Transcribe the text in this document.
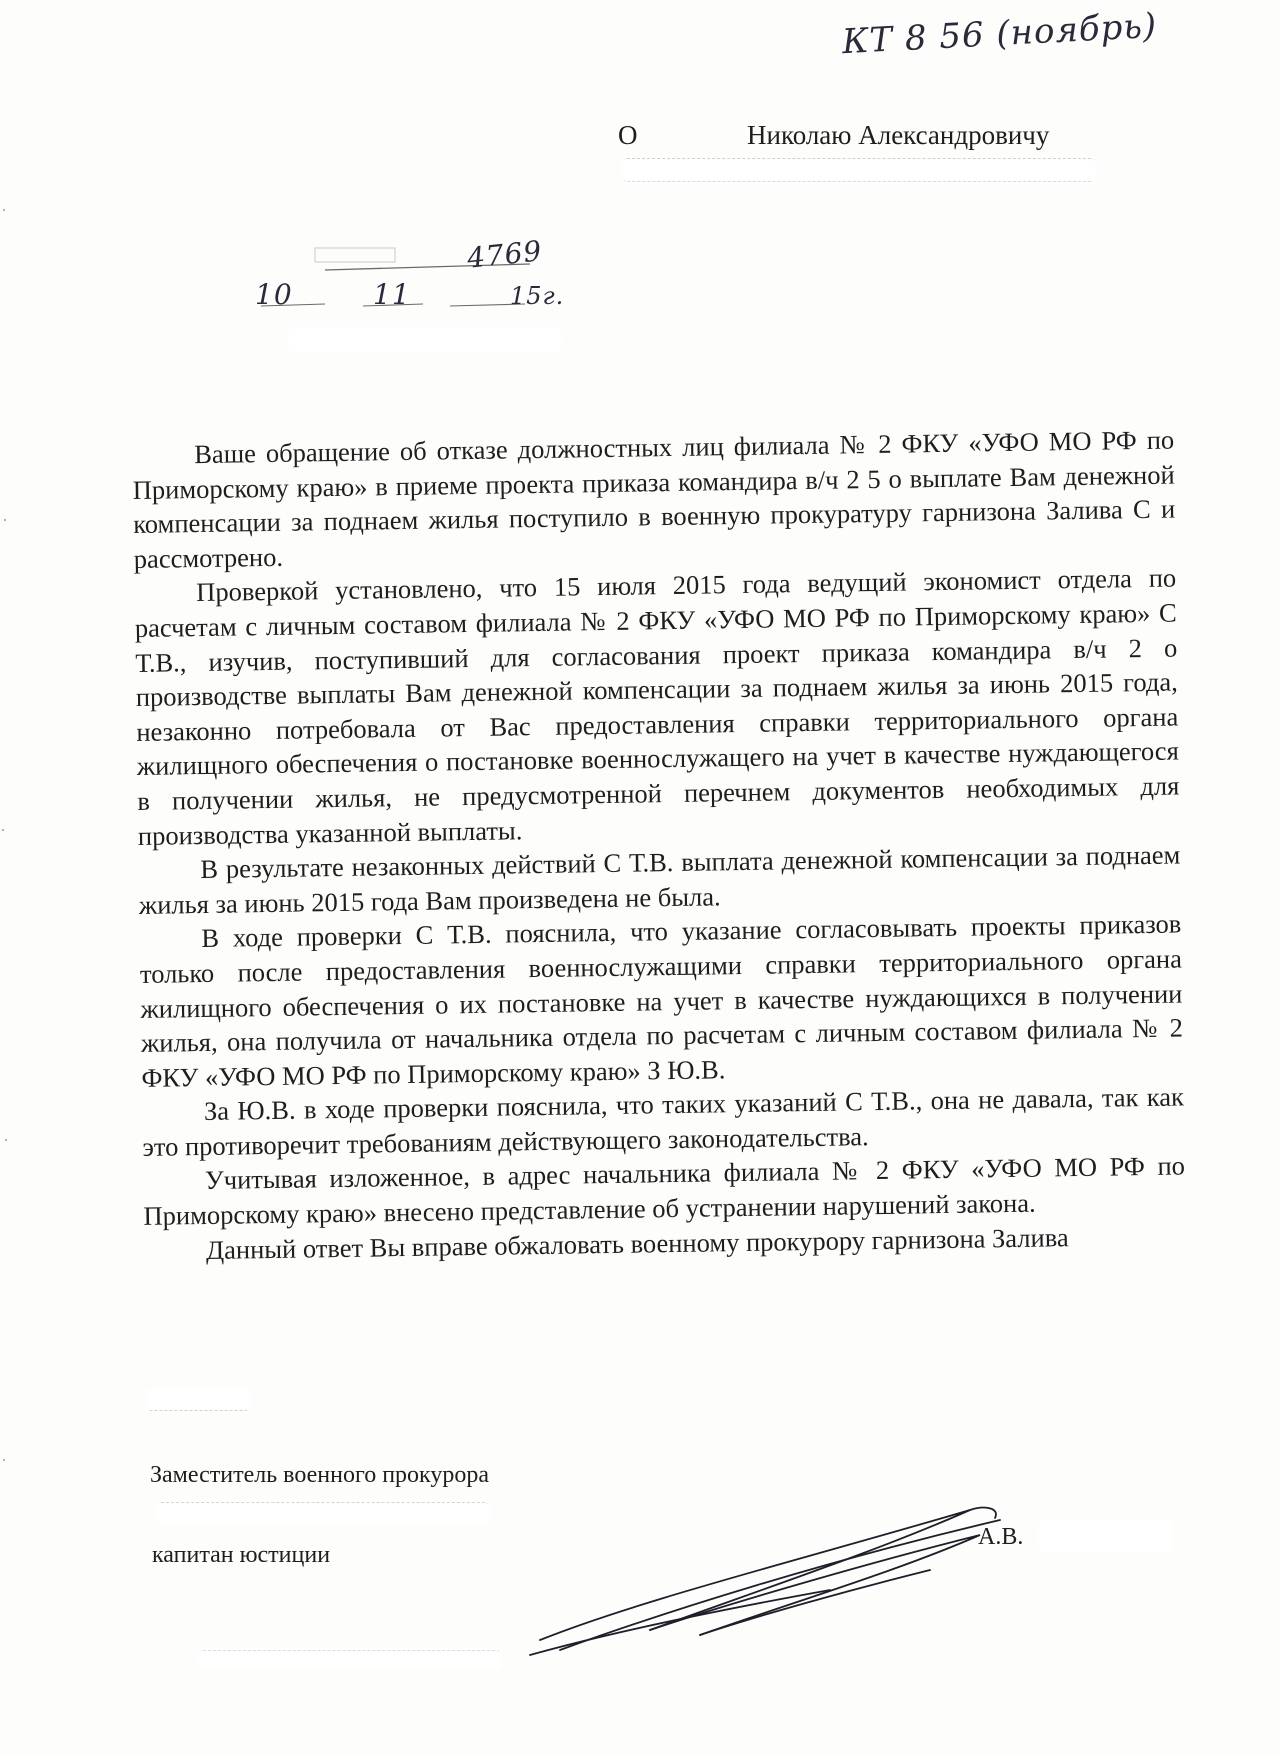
КТ 8 56 (ноябрь)
О	Николаю Александровичу
4769
10	11	15г.

Ваше обращение об отказе должностных лиц филиала № 2 ФКУ «УФО МО РФ по Приморскому краю» в приеме проекта приказа командира в/ч 2 5 о выплате Вам денежной компенсации за поднаем жилья поступило в военную прокуратуру гарнизона Залива С и рассмотрено.

Проверкой установлено, что 15 июля 2015 года ведущий экономист отдела по расчетам с личным составом филиала № 2 ФКУ «УФО МО РФ по Приморскому краю» С Т.В., изучив, поступивший для согласования проект приказа командира в/ч 2 о производстве выплаты Вам денежной компенсации за поднаем жилья за июнь 2015 года, незаконно потребовала от Вас предоставления справки территориального органа жилищного обеспечения о постановке военнослужащего на учет в качестве нуждающегося в получении жилья, не предусмотренной перечнем документов необходимых для производства указанной выплаты.

В результате незаконных действий С Т.В. выплата денежной компенсации за поднаем жилья за июнь 2015 года Вам произведена не была.

В ходе проверки С Т.В. пояснила, что указание согласовывать проекты приказов только после предоставления военнослужащими справки территориального органа жилищного обеспечения о их постановке на учет в качестве нуждающихся в получении жилья, она получила от начальника отдела по расчетам с личным составом филиала № 2 ФКУ «УФО МО РФ по Приморскому краю» З Ю.В.

За Ю.В. в ходе проверки пояснила, что таких указаний С Т.В., она не давала, так как это противоречит требованиям действующего законодательства.

Учитывая изложенное, в адрес начальника филиала № 2 ФКУ «УФО МО РФ по Приморскому краю» внесено представление об устранении нарушений закона.

Данный ответ Вы вправе обжаловать военному прокурору гарнизона Залива

Заместитель военного прокурора
капитан юстиции
А.В.
